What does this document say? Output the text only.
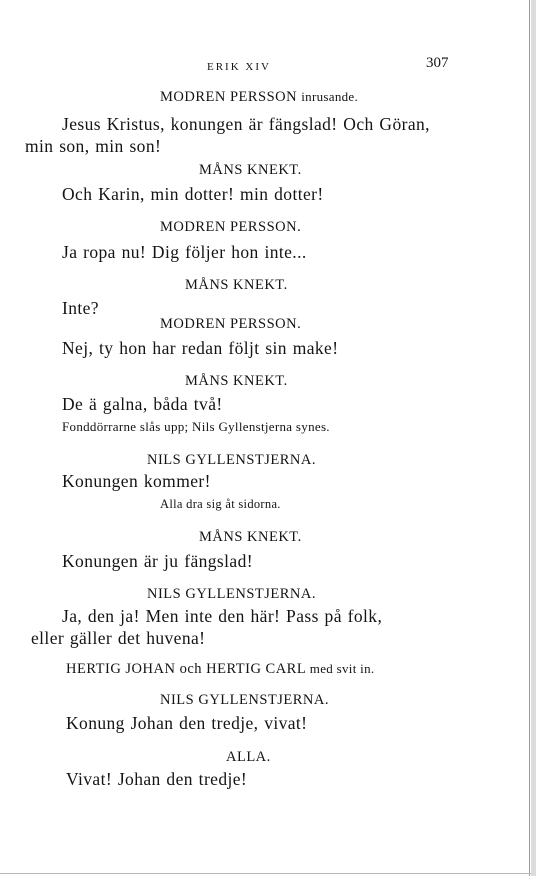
ERIK XIV	307
MODREN PERSSON inrusande.
Jesus Kristus, konungen är fängslad! Och Göran,
min son, min son!
MÅNS KNEKT.
Och Karin, min dotter! min dotter!
MODREN PERSSON.
Ja ropa nu! Dig följer hon inte...
MÅNS KNEKT.
Inte?
MODREN PERSSON.
Nej, ty hon har redan följt sin make!
MÅNS KNEKT.
De ä galna, båda två!
Fonddörrarne slås upp; Nils Gyllenstjerna synes.
NILS GYLLENSTJERNA.
Konungen kommer!
Alla dra sig åt sidorna.
MÅNS KNEKT.
Konungen är ju fängslad!
NILS GYLLENSTJERNA.
Ja, den ja! Men inte den här! Pass på folk,
eller gäller det huvena!
HERTIG JOHAN och HERTIG CARL med svit in.
NILS GYLLENSTJERNA.
Konung Johan den tredje, vivat!
ALLA.
Vivat! Johan den tredje!
